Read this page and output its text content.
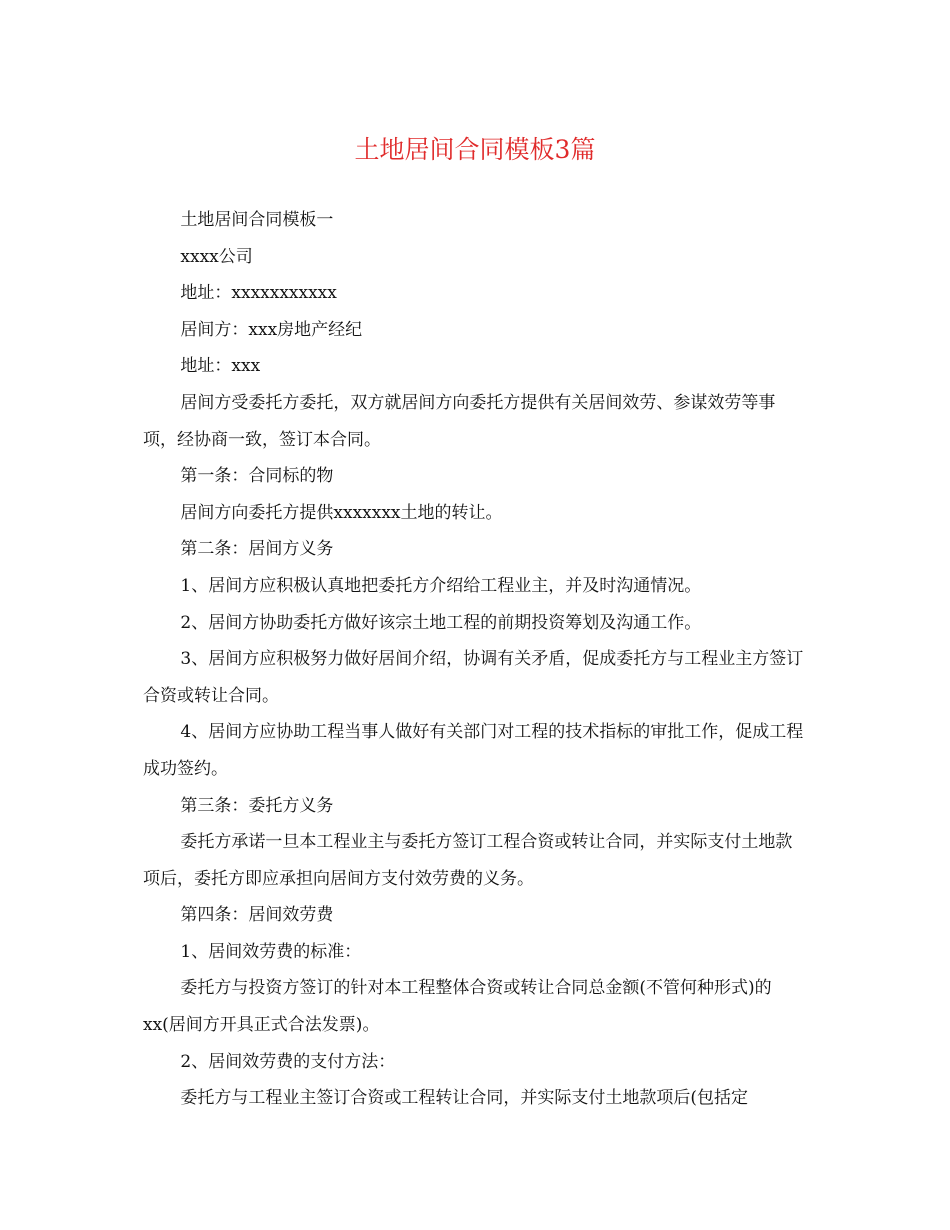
土地居间合同模板3篇

土地居间合同模板一

xxxx公司

地址：xxxxxxxxxxx

居间方：xxx房地产经纪

地址：xxx

居间方受委托方委托，双方就居间方向委托方提供有关居间效劳、参谋效劳等事项，经协商一致，签订本合同。

第一条：合同标的物

居间方向委托方提供xxxxxxx土地的转让。

第二条：居间方义务

1、居间方应积极认真地把委托方介绍给工程业主，并及时沟通情况。

2、居间方协助委托方做好该宗土地工程的前期投资筹划及沟通工作。

3、居间方应积极努力做好居间介绍，协调有关矛盾，促成委托方与工程业主方签订合资或转让合同。

4、居间方应协助工程当事人做好有关部门对工程的技术指标的审批工作，促成工程成功签约。

第三条：委托方义务

委托方承诺一旦本工程业主与委托方签订工程合资或转让合同，并实际支付土地款项后，委托方即应承担向居间方支付效劳费的义务。

第四条：居间效劳费

1、居间效劳费的标准：

委托方与投资方签订的针对本工程整体合资或转让合同总金额(不管何种形式)的xx(居间方开具正式合法发票)。

2、居间效劳费的支付方法：

委托方与工程业主签订合资或工程转让合同，并实际支付土地款项后(包括定
